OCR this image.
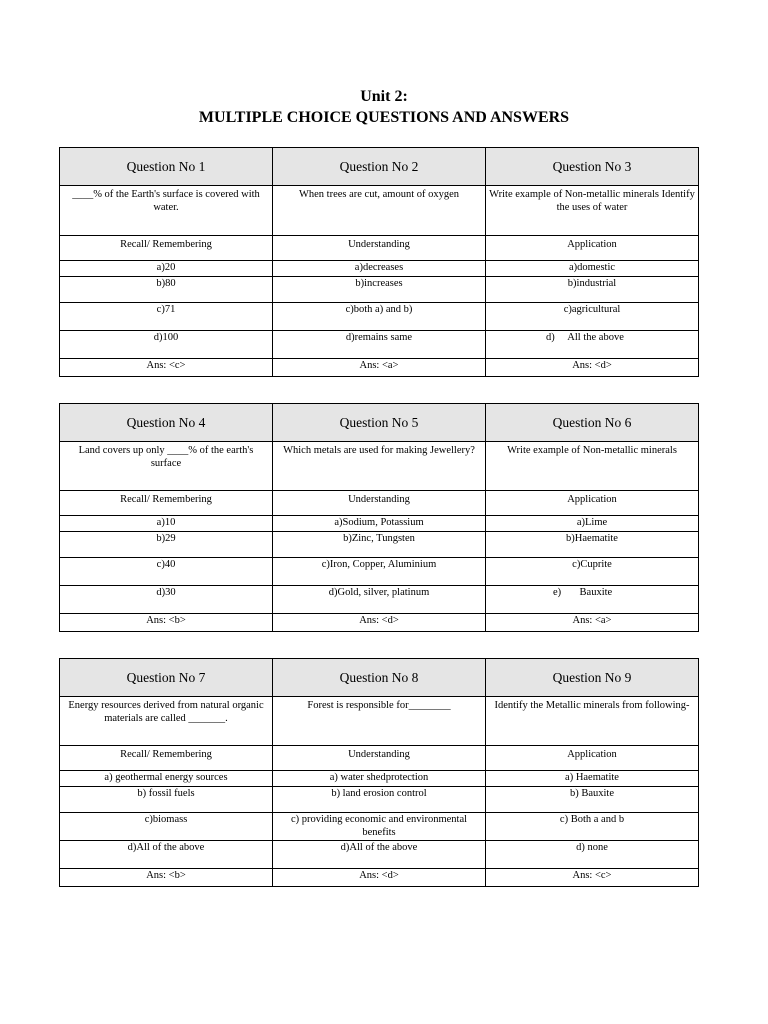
Unit 2:
MULTIPLE CHOICE QUESTIONS AND ANSWERS
Question No 1	Question No 2	Question No 3
____% of the Earth's surface is covered with water.	When trees are cut, amount of oxygen	Write example of Non-metallic minerals Identify the uses of water
Recall/ Remembering	Understanding	Application
a)20	a)decreases	a)domestic
b)80	b)increases	b)industrial
c)71	c)both a) and b)	c)agricultural
d)100	d)remains same	d)     All the above
Ans: <c>	Ans: <a>	Ans: <d>
Question No 4	Question No 5	Question No 6
Land covers up only ____% of the earth's surface	Which metals are used for making Jewellery?	Write example of Non-metallic minerals
Recall/ Remembering	Understanding	Application
a)10	a)Sodium, Potassium	a)Lime
b)29	b)Zinc, Tungsten	b)Haematite
c)40	c)Iron, Copper, Aluminium	c)Cuprite
d)30	d)Gold, silver, platinum	e)       Bauxite
Ans: <b>	Ans: <d>	Ans: <a>
Question No 7	Question No 8	Question No 9
Energy resources derived from natural organic materials are called _______.	Forest is responsible for________	Identify the Metallic minerals from following-
Recall/ Remembering	Understanding	Application
a) geothermal energy sources	a) water shedprotection	a) Haematite
b) fossil fuels	b) land erosion control	b) Bauxite
c)biomass	c) providing economic and environmental benefits	c) Both a and b
d)All of the above	d)All of the above	d) none
Ans: <b>	Ans: <d>	Ans: <c>
